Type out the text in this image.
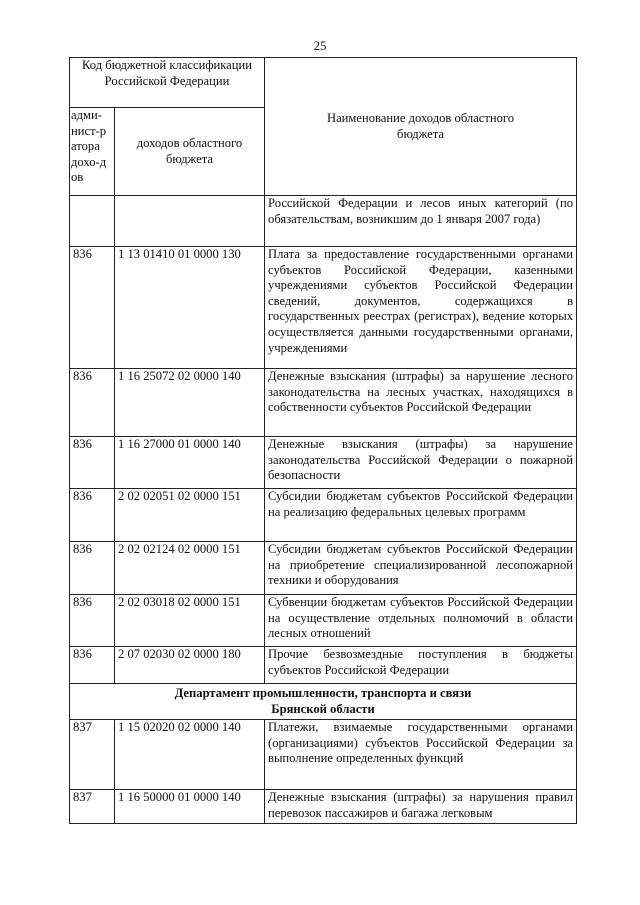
25
Код бюджетной классификации Российской Федерации		Наименование доходов областного бюджета
адми-нист-ратора дохо-дов	доходов областного бюджета	
		Российской Федерации и лесов иных категорий (по обязательствам, возникшим до 1 января 2007 года)
836	1 13 01410 01 0000 130	Плата за предоставление государственными органами субъектов Российской Федерации, казенными учреждениями субъектов Российской Федерации сведений, документов, содержащихся в государственных реестрах (регистрах), ведение которых осуществляется данными государственными органами, учреждениями
836	1 16 25072 02 0000 140	Денежные взыскания (штрафы) за нарушение лесного законодательства на лесных участках, находящихся в собственности субъектов Российской Федерации
836	1 16 27000 01 0000 140	Денежные взыскания (штрафы) за нарушение законодательства Российской Федерации о пожарной безопасности
836	2 02 02051 02 0000 151	Субсидии бюджетам субъектов Российской Федерации на реализацию федеральных целевых программ
836	2 02 02124 02 0000 151	Субсидии бюджетам субъектов Российской Федерации на приобретение специализированной лесопожарной техники и оборудования
836	2 02 03018 02 0000 151	Субвенции бюджетам субъектов Российской Федерации на осуществление отдельных полномочий в области лесных отношений
836	2 07 02030 02 0000 180	Прочие безвозмездные поступления в бюджеты субъектов Российской Федерации

Департамент промышленности, транспорта и связи
Брянской области		

837	1 15 02020 02 0000 140	Платежи, взимаемые государственными органами (организациями) субъектов Российской Федерации за выполнение определенных функций
837	1 16 50000 01 0000 140	Денежные взыскания (штрафы) за нарушения правил перевозок пассажиров и багажа легковым
